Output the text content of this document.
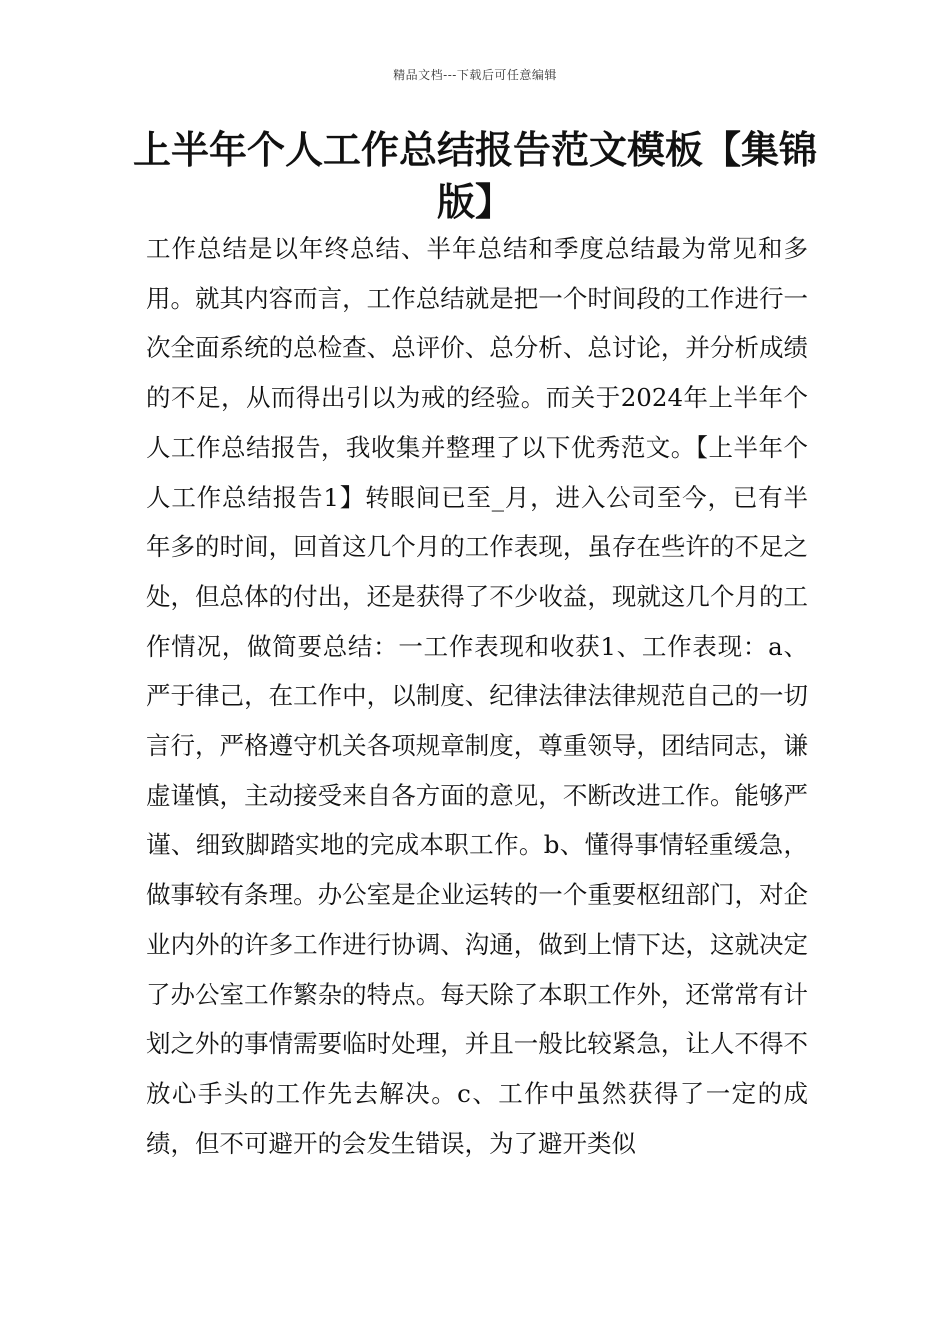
精品文档---下载后可任意编辑
上半年个人工作总结报告范文模板【集锦版】

工作总结是以年终总结、半年总结和季度总结最为常见和多用。就其内容而言，工作总结就是把一个时间段的工作进行一次全面系统的总检查、总评价、总分析、总讨论，并分析成绩的不足，从而得出引以为戒的经验。而关于2024年上半年个人工作总结报告，我收集并整理了以下优秀范文。【上半年个人工作总结报告1】转眼间已至_月，进入公司至今，已有半年多的时间，回首这几个月的工作表现，虽存在些许的不足之处，但总体的付出，还是获得了不少收益，现就这几个月的工作情况，做简要总结：一工作表现和收获1、工作表现：a、严于律己，在工作中，以制度、纪律法律法律规范自己的一切言行，严格遵守机关各项规章制度，尊重领导，团结同志，谦虚谨慎，主动接受来自各方面的意见，不断改进工作。能够严谨、细致脚踏实地的完成本职工作。b、懂得事情轻重缓急，做事较有条理。办公室是企业运转的一个重要枢纽部门，对企业内外的许多工作进行协调、沟通，做到上情下达，这就决定了办公室工作繁杂的特点。每天除了本职工作外，还常常有计划之外的事情需要临时处理，并且一般比较紧急，让人不得不放心手头的工作先去解决。c、工作中虽然获得了一定的成绩，但不可避开的会发生错误，为了避开类似
